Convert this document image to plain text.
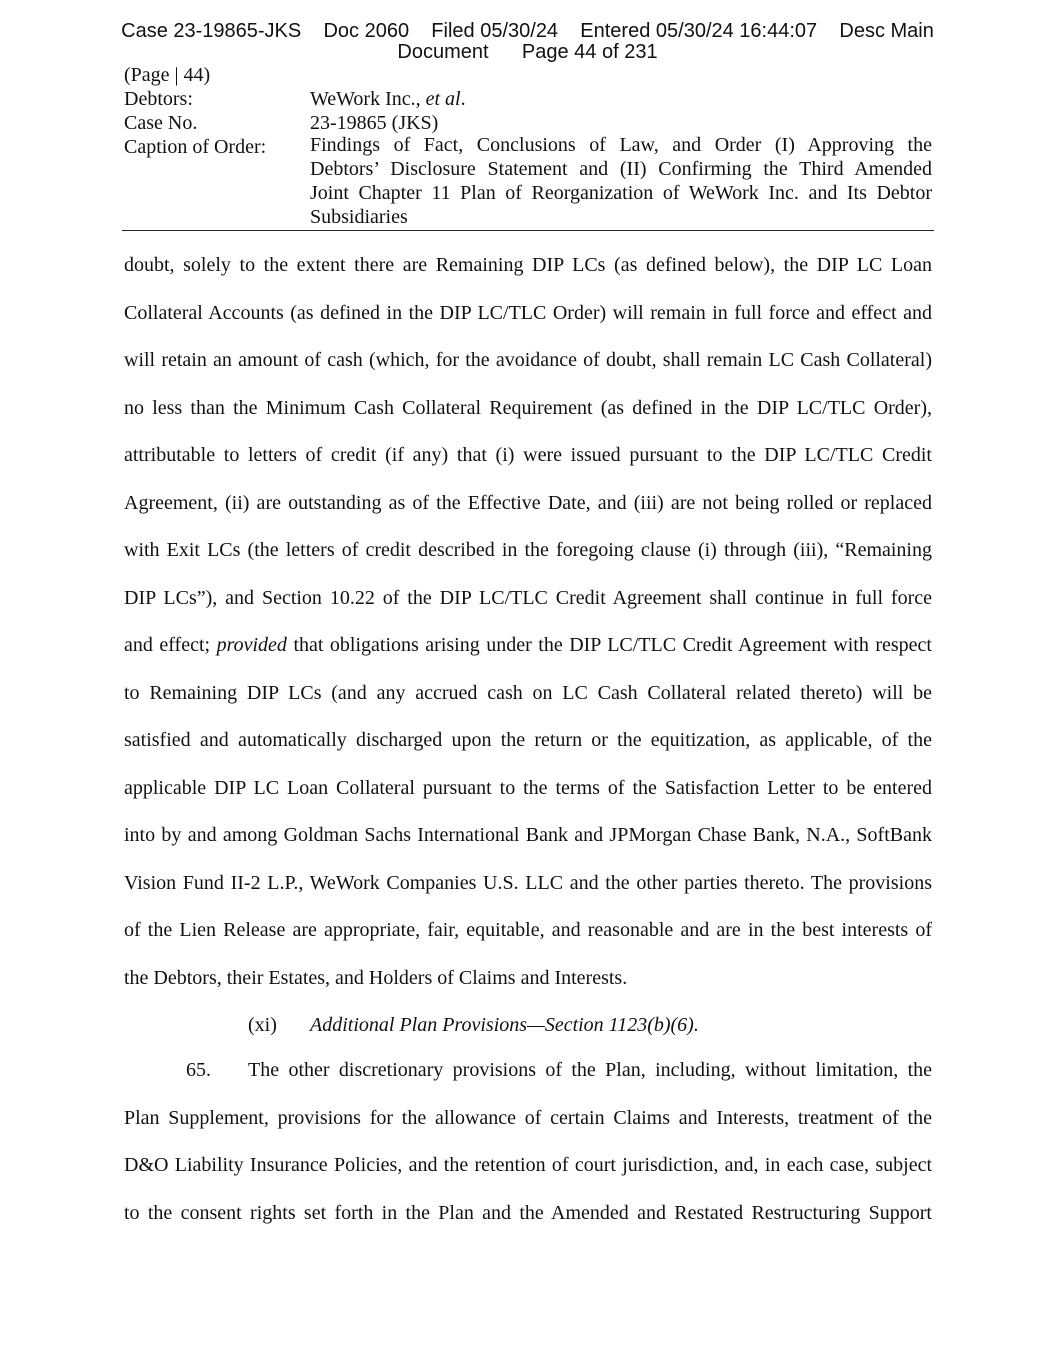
Case 23-19865-JKS    Doc 2060    Filed 05/30/24    Entered 05/30/24 16:44:07    Desc Main
Document      Page 44 of 231
(Page | 44)
Debtors:	WeWork Inc., et al.
Case No.	23-19865 (JKS)
Caption of Order: Findings of Fact, Conclusions of Law, and Order (I) Approving the
Debtors’ Disclosure Statement and (II) Confirming the Third Amended
Joint Chapter 11 Plan of Reorganization of WeWork Inc. and Its Debtor
Subsidiaries
doubt, solely to the extent there are Remaining DIP LCs (as defined below), the DIP LC Loan
Collateral Accounts (as defined in the DIP LC/TLC Order) will remain in full force and effect and
will retain an amount of cash (which, for the avoidance of doubt, shall remain LC Cash Collateral)
no less than the Minimum Cash Collateral Requirement (as defined in the DIP LC/TLC Order),
attributable to letters of credit (if any) that (i) were issued pursuant to the DIP LC/TLC Credit
Agreement, (ii) are outstanding as of the Effective Date, and (iii) are not being rolled or replaced
with Exit LCs (the letters of credit described in the foregoing clause (i) through (iii), “Remaining
DIP LCs”), and Section 10.22 of the DIP LC/TLC Credit Agreement shall continue in full force
and effect; provided that obligations arising under the DIP LC/TLC Credit Agreement with respect
to Remaining DIP LCs (and any accrued cash on LC Cash Collateral related thereto) will be
satisfied and automatically discharged upon the return or the equitization, as applicable, of the
applicable DIP LC Loan Collateral pursuant to the terms of the Satisfaction Letter to be entered
into by and among Goldman Sachs International Bank and JPMorgan Chase Bank, N.A., SoftBank
Vision Fund II-2 L.P., WeWork Companies U.S. LLC and the other parties thereto. The provisions
of the Lien Release are appropriate, fair, equitable, and reasonable and are in the best interests of
the Debtors, their Estates, and Holders of Claims and Interests.
(xi) Additional Plan Provisions—Section 1123(b)(6).
65. The other discretionary provisions of the Plan, including, without limitation, the
Plan Supplement, provisions for the allowance of certain Claims and Interests, treatment of the
D&O Liability Insurance Policies, and the retention of court jurisdiction, and, in each case, subject
to the consent rights set forth in the Plan and the Amended and Restated Restructuring Support
